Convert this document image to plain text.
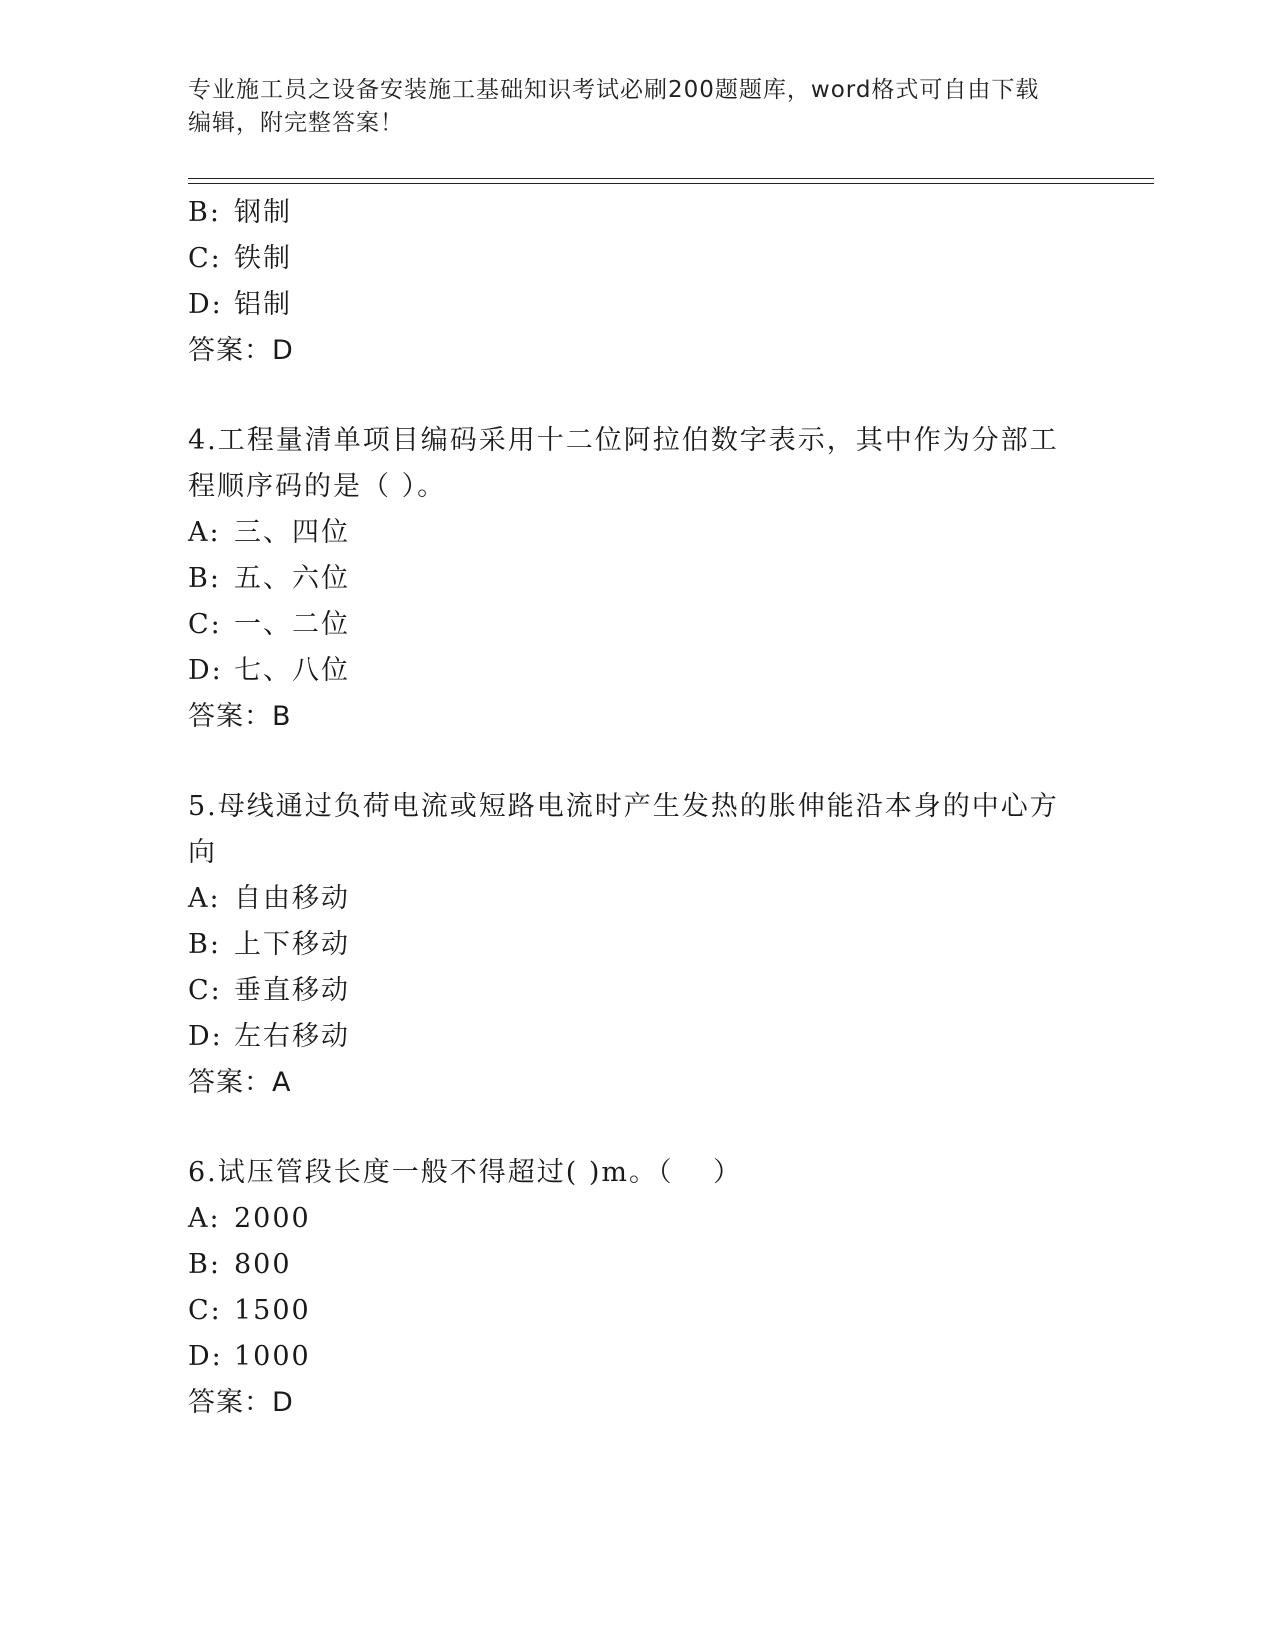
专业施工员之设备安装施工基础知识考试必刷200题题库，word格式可自由下载
编辑，附完整答案！
B: 钢制
C: 铁制
D: 铝制
答案：D
4.工程量清单项目编码采用十二位阿拉伯数字表示，其中作为分部工
程顺序码的是（ ）。
A: 三、四位
B: 五、六位
C: 一、二位
D: 七、八位
答案：B
5.母线通过负荷电流或短路电流时产生发热的胀伸能沿本身的中心方
向
A: 自由移动
B: 上下移动
C: 垂直移动
D: 左右移动
答案：A
6.试压管段长度一般不得超过( )m。（　 ）
A: 2000
B: 800
C: 1500
D: 1000
答案：D
